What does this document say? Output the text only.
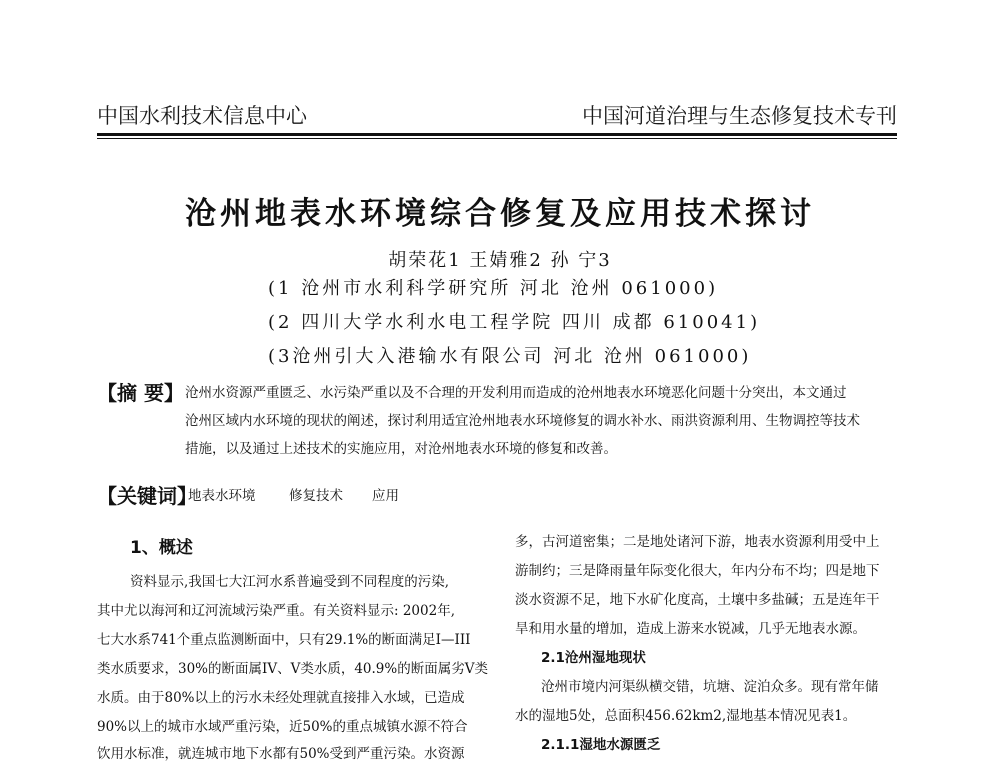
中国水利技术信息中心	中国河道治理与生态修复技术专刊
沧州地表水环境综合修复及应用技术探讨
胡荣花1 王婧雅2 孙 宁3
(1 沧州市水利科学研究所 河北 沧州 061000)
(2 四川大学水利水电工程学院 四川 成都 610041)
(3沧州引大入港输水有限公司 河北 沧州 061000)
【摘 要】 沧州水资源严重匮乏、水污染严重以及不合理的开发利用而造成的沧州地表水环境恶化问题十分突出，本文通过
沧州区域内水环境的现状的阐述，探讨利用适宜沧州地表水环境修复的调水补水、雨洪资源利用、生物调控等技术
措施，以及通过上述技术的实施应用，对沧州地表水环境的修复和改善。
【关键词】
地表水环境 修复技术 应用
1、概述
资料显示,我国七大江河水系普遍受到不同程度的污染,
其中尤以海河和辽河流域污染严重。有关资料显示: 2002年,
七大水系741个重点监测断面中，只有29.1%的断面满足I—III
类水质要求，30%的断面属IV、V类水质，40.9%的断面属劣V类
水质。由于80%以上的污水未经处理就直接排入水域，已造成
90%以上的城市水域严重污染，近50%的重点城镇水源不符合
饮用水标准，就连城市地下水都有50%受到严重污染。水资源
多，古河道密集；二是地处诸河下游，地表水资源利用受中上
游制约；三是降雨量年际变化很大，年内分布不均；四是地下
淡水资源不足，地下水矿化度高，土壤中多盐碱；五是连年干
旱和用水量的增加，造成上游来水锐减，几乎无地表水源。
2.1沧州湿地现状
沧州市境内河渠纵横交错，坑塘、淀泊众多。现有常年储
水的湿地5处，总面积456.62km2,湿地基本情况见表1。
2.1.1湿地水源匮乏
